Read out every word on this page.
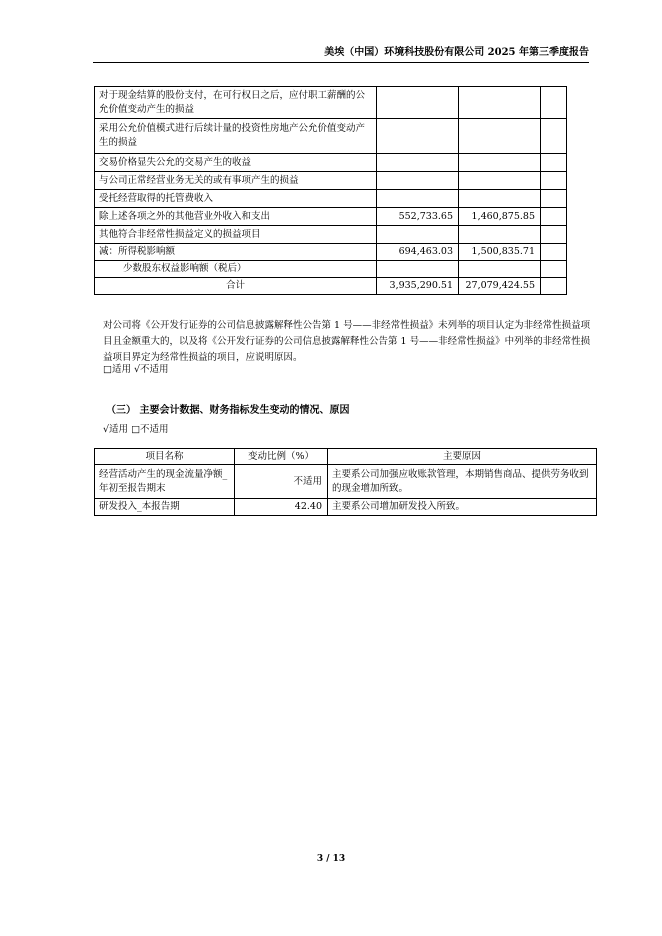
美埃（中国）环境科技股份有限公司 2025 年第三季度报告
对于现金结算的股份支付，在可行权日之后，应付职工薪酬的公允价值变动产生的损益			
采用公允价值模式进行后续计量的投资性房地产公允价值变动产生的损益			
交易价格显失公允的交易产生的收益			
与公司正常经营业务无关的或有事项产生的损益			
受托经营取得的托管费收入			
除上述各项之外的其他营业外收入和支出	552,733.65	1,460,875.85	
其他符合非经常性损益定义的损益项目			
减：所得税影响额	694,463.03	1,500,835.71	
少数股东权益影响额（税后）			
合计	3,935,290.51	27,079,424.55	
对公司将《公开发行证券的公司信息披露解释性公告第 1 号——非经常性损益》未列举的项目认定为非经常性损益项目且金额重大的，以及将《公开发行证券的公司信息披露解释性公告第 1 号——非经常性损益》中列举的非经常性损益项目界定为经常性损益的项目，应说明原因。
□适用 √不适用
（三） 主要会计数据、财务指标发生变动的情况、原因
√适用 □不适用
项目名称	变动比例（%）	主要原因
经营活动产生的现金流量净额_年初至报告期末	不适用	主要系公司加强应收账款管理，本期销售商品、提供劳务收到的现金增加所致。
研发投入_本报告期	42.40	主要系公司增加研发投入所致。
3 / 13
